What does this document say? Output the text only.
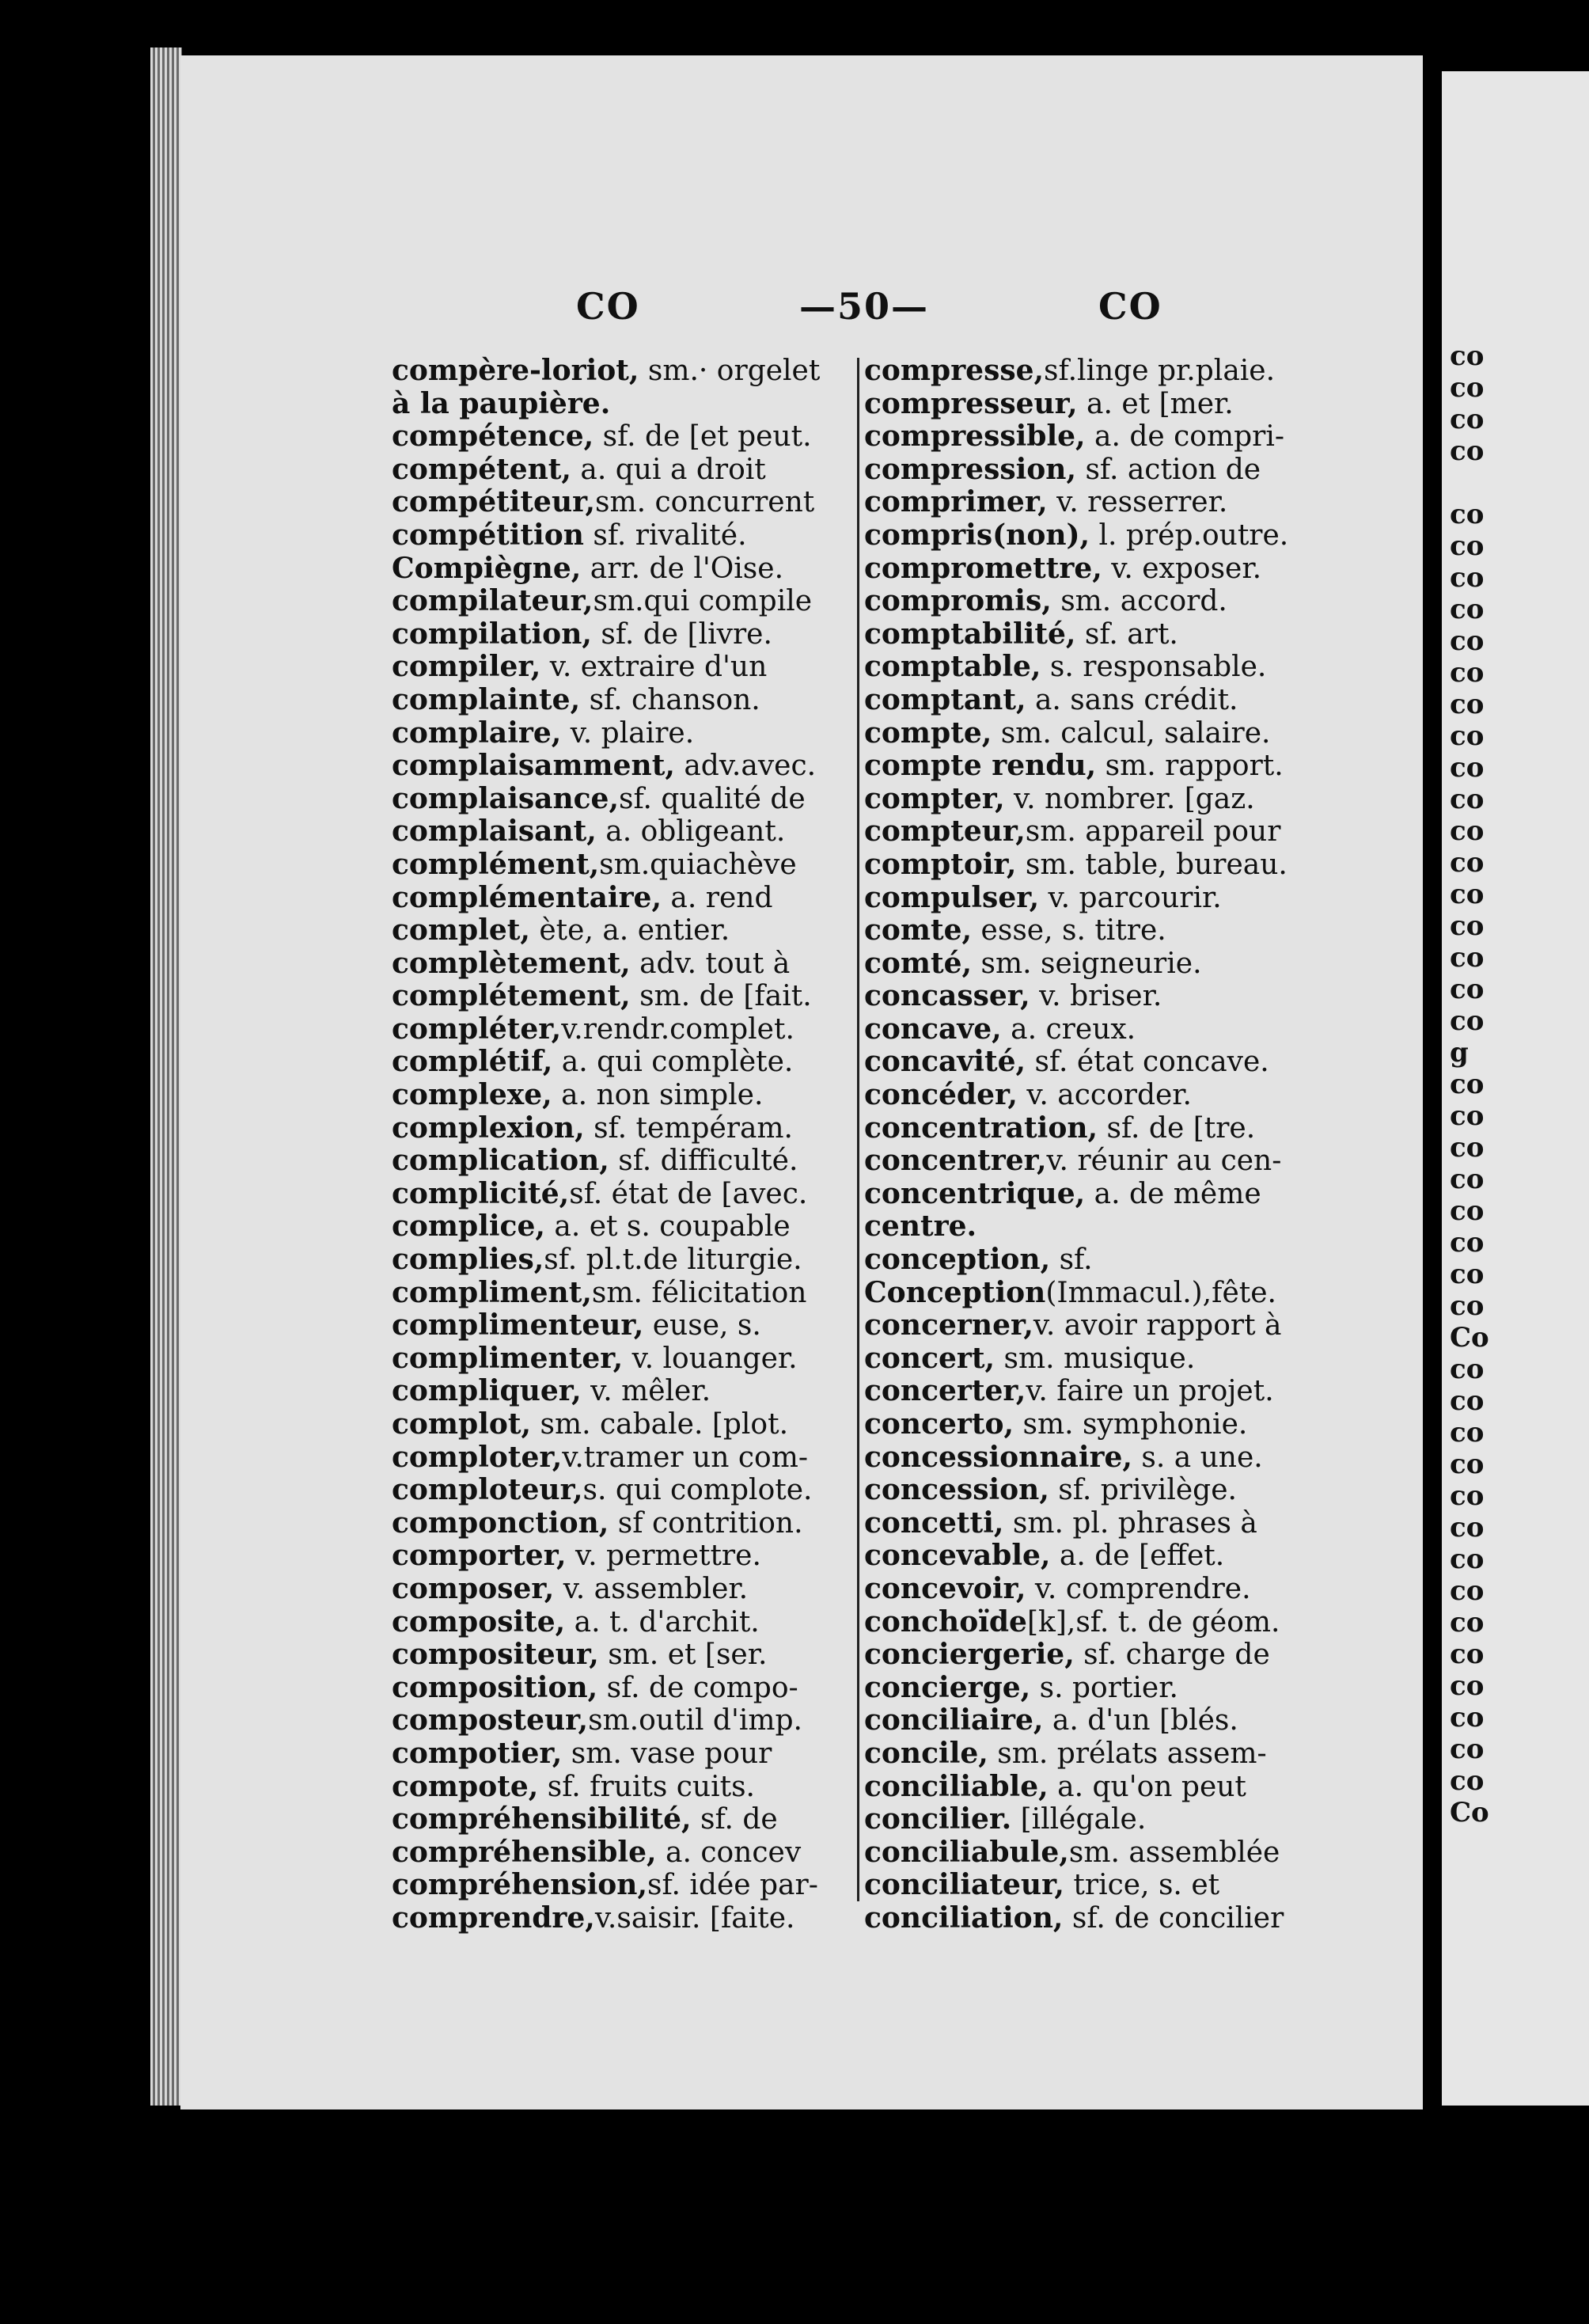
CO	—50—	CO
compère-loriot, sm.· orgelet
à la paupière.
compétence, sf. de [et peut.
compétent, a. qui a droit
compétiteur,sm. concurrent
compétition sf. rivalité.
Compiègne, arr. de l'Oise.
compilateur,sm.qui compile
compilation, sf. de [livre.
compiler, v. extraire d'un
complainte, sf. chanson.
complaire, v. plaire.
complaisamment, adv.avec.
complaisance,sf. qualité de
complaisant, a. obligeant.
complément,sm.quiachève
complémentaire, a. rend
complet, ète, a. entier.
complètement, adv. tout à
complétement, sm. de [fait.
compléter,v.rendr.complet.
complétif, a. qui complète.
complexe, a. non simple.
complexion, sf. tempéram.
complication, sf. difficulté.
complicité,sf. état de [avec.
complice, a. et s. coupable
complies,sf. pl.t.de liturgie.
compliment,sm. félicitation
complimenteur, euse, s.
complimenter, v. louanger.
compliquer, v. mêler.
complot, sm. cabale. [plot.
comploter,v.tramer un com-
comploteur,s. qui complote.
componction, sf contrition.
comporter, v. permettre.
composer, v. assembler.
composite, a. t. d'archit.
compositeur, sm. et [ser.
composition, sf. de compo-
composteur,sm.outil d'imp.
compotier, sm. vase pour
compote, sf. fruits cuits.
compréhensibilité, sf. de
compréhensible, a. concev
compréhension,sf. idée par-
comprendre,v.saisir. [faite.
compresse,sf.linge pr.plaie.
compresseur, a. et [mer.
compressible, a. de compri-
compression, sf. action de
comprimer, v. resserrer.
compris(non), l. prép.outre.
compromettre, v. exposer.
compromis, sm. accord.
comptabilité, sf. art.
comptable, s. responsable.
comptant, a. sans crédit.
compte, sm. calcul, salaire.
compte rendu, sm. rapport.
compter, v. nombrer. [gaz.
compteur,sm. appareil pour
comptoir, sm. table, bureau.
compulser, v. parcourir.
comte, esse, s. titre.
comté, sm. seigneurie.
concasser, v. briser.
concave, a. creux.
concavité, sf. état concave.
concéder, v. accorder.
concentration, sf. de [tre.
concentrer,v. réunir au cen-
concentrique, a. de même
centre.
conception, sf.
Conception(Immacul.),fête.
concerner,v. avoir rapport à
concert, sm. musique.
concerter,v. faire un projet.
concerto, sm. symphonie.
concessionnaire, s. a une.
concession, sf. privilège.
concetti, sm. pl. phrases à
concevable, a. de [effet.
concevoir, v. comprendre.
conchoïde[k],sf. t. de géom.
conciergerie, sf. charge de
concierge, s. portier.
conciliaire, a. d'un [blés.
concile, sm. prélats assem-
conciliable, a. qu'on peut
concilier. [illégale.
conciliabule,sm. assemblée
conciliateur, trice, s. et
conciliation, sf. de concilier
co
co
co
co
co
co
co
co
co
co
co
co
co
co
co
co
co
co
co
co
co
g
co
co
co
co
co
co
co
co
Co
co
co
co
co
co
co
co
co
co
co
co
co
co
co
Co
